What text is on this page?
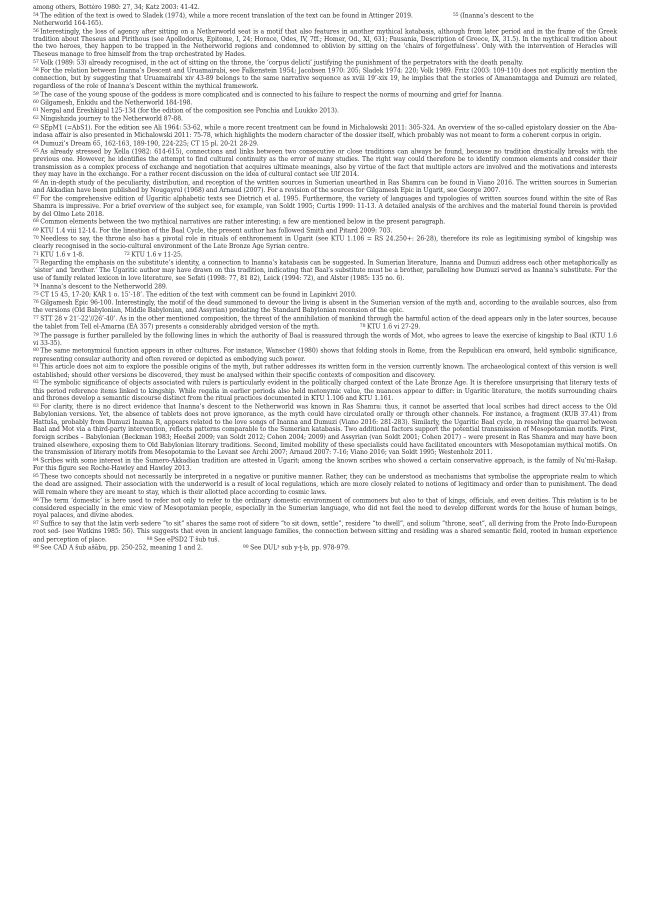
among others, Bottéro 1980: 27, 34; Katz 2003: 41-42.

$^{54}$ The edition of the text is owed to Sladek (1974), while a more recent translation of the text can be found in Attinger 2019.	$^{55}$ (Inanna’s descent to the

Netherworld 164-165).

$^{56}$ Interestingly, the loss of agency after sitting on a Netherworld seat is a motif that also features in another mythical katabasis, although from later period and in the frame of the Greek tradition about Theseus and Pirithous (see Apollodorus, Epitome, I, 24; Horace, Odes, IV, 7ff.; Homer, Od., XI, 631; Pausania, Description of Greece, IX, 31.5). In the mythical tradition about the two heroes, they happen to be trapped in the Netherworld regions and condemned to oblivion by sitting on the ‘chairs of forgetfulness’. Only with the intervention of Heracles will Theseus manage to free himself from the trap orchestrated by Hades.

$^{57}$ Volk (1989: 53) already recognised, in the act of sitting on the throne, the ‘corpus delicti’ justifying the punishment of the perpetrators with the death penalty.

$^{58}$ For the relation between Inanna’s Descent and Uruamairabi, see Falkenstein 1954; Jacobsen 1970: 205; Sladek 1974: 220; Volk 1989. Fritz (2003: 109-110) does not explicitly mention the connection, but by suggesting that Uruamairabi xiv 43-89 belongs to the same narrative sequence as xviii 19’-xix 19, he implies that the stories of Amanamtagga and Dumuzi are related, regardless of the role of Inanna’s Descent within the mythical framework.

$^{59}$ The case of the young spouse of the goddess is more complicated and is connected to his failure to respect the norms of mourning and grief for Inanna.

$^{60}$ Gilgamesh, Enkidu and the Netherworld 184-198.

$^{61}$ Nergal and Ereshkigal 125-134 (for the edition of the composition see Ponchia and Luukko 2013).

$^{62}$ Ningishzida journey to the Netherworld 87-88.

$^{63}$ SEpM1 (=AbS1). For the edition see Ali 1964: 53-62, while a more recent treatment can be found in Michalowski 2011: 305-324. An overview of the so-called epistolary dossier on the Aba-indasa affair is also presented in Michalowski 2011: 75-78, which highlights the modern character of the dossier itself, which probably was not meant to form a coherent corpus in origin.

$^{64}$ Dumuzi’s Dream 65, 162-163, 189-190, 224-225; CT 15 pl. 20-21 28-29.

$^{65}$ As already stressed by Xella (1982: 614-615), connections and links between two consecutive or close traditions can always be found, because no tradition drastically breaks with the previous one. However, he identifies the attempt to find cultural continuity as the error of many studies. The right way could therefore be to identify common elements and consider their transmission as a complex process of exchange and negotiation that acquires ultimate meanings, also by virtue of the fact that multiple actors are involved and the motivations and interests they may have in the exchange. For a rather recent discussion on the idea of cultural contact see Ulf 2014.

$^{66}$ An in-depth study of the peculiarity, distribution, and reception of the written sources in Sumerian unearthed in Ras Shamra can be found in Viano 2016. The written sources in Sumerian and Akkadian have been published by Nougayrol (1968) and Arnaud (2007). For a revision of the sources for Gilgamesh Epic in Ugarit, see George 2007.

$^{67}$ For the comprehensive edition of Ugaritic alphabetic texts see Dietrich et al. 1995. Furthermore, the variety of languages and typologies of written sources found within the site of Ras Shamra is impressive. For a brief overview of the subject see, for example, van Soldt 1995; Curtis 1999: 11-13. A detailed analysis of the archives and the material found therein is provided by del Olmo Lete 2018.

$^{68}$ Common elements between the two mythical narratives are rather interesting; a few are mentioned below in the present paragraph.

$^{69}$ KTU 1.4 viii 12-14. For the lineation of the Baal Cycle, the present author has followed Smith and Pitard 2009: 703.

$^{70}$ Needless to say, the throne also has a pivotal role in rituals of enthronement in Ugarit (see KTU 1.106 = RS 24.250+: 26-28), therefore its role as legitimising symbol of kingship was clearly recognised in the socio-cultural environment of the Late Bronze Age Syrian centre.

$^{71}$ KTU 1.6 v 1-8.	$^{72}$ KTU 1.6 v 11-25.

$^{73}$ Regarding the emphasis on the substitute’s identity, a connection to Inanna’s katabasis can be suggested. In Sumerian literature, Inanna and Dumuzi address each other metaphorically as ‘sister’ and ‘brother.’ The Ugaritic author may have drawn on this tradition, indicating that Baal’s substitute must be a brother, paralleling how Dumuzi served as Inanna’s substitute. For the use of family related lexicon in love literature, see Sefati (1998: 77, 81 82), Leick (1994: 72), and Alster (1985: 135 no. 6).

$^{74}$ Inanna’s descent to the Netherworld 289.

$^{75}$ CT 15 45, 17-20; KAR 1 o. 15’-18’. The edition of the text with comment can be found in Lapinkivi 2010.

$^{76}$ Gilgamesh Epic 96-100. Interestingly, the motif of the dead summoned to devour the living is absent in the Sumerian version of the myth and, according to the available sources, also from the versions (Old Babylonian, Middle Babylonian, and Assyrian) predating the Standard Babylonian recension of the epic.

$^{77}$ STT 28 v 21’-22’//26’-40’. As in the other mentioned composition, the threat of the annihilation of mankind through the harmful action of the dead appears only in the later sources, because the tablet from Tell el-Amarna (EA 357) presents a considerably abridged version of the myth.	$^{78}$ KTU 1.6 vi 27-29.

$^{79}$ The passage is further paralleled by the following lines in which the authority of Baal is reassured through the words of Mot, who agrees to leave the exercise of kingship to Baal (KTU 1.6 vi 33-35).

$^{80}$ The same metonymical function appears in other cultures. For instance, Wanscher (1980) shows that folding stools in Rome, from the Republican era onward, held symbolic significance, representing consular authority and often revered or depicted as embodying such power.

$^{81}$ This article does not aim to explore the possible origins of the myth, but rather addresses its written form in the version currently known. The archaeological context of this version is well established; should other versions be discovered, they must be analysed within their specific contexts of composition and discovery.

$^{82}$ The symbolic significance of objects associated with rulers is particularly evident in the politically charged context of the Late Bronze Age. It is therefore unsurprising that literary texts of this period reference items linked to kingship. While regalia in earlier periods also held metonymic value, the nuances appear to differ: in Ugaritic literature, the motifs surrounding chairs and thrones develop a semantic discourse distinct from the ritual practices documented in KTU 1.106 and KTU 1.161.

$^{83}$ For clarity, there is no direct evidence that Inanna’s descent to the Netherworld was known in Ras Shamra: thus, it cannot be asserted that local scribes had direct access to the Old Babylonian versions. Yet, the absence of tablets does not prove ignorance, as the myth could have circulated orally or through other channels. For instance, a fragment (KUB 37.41) from Hattuša, probably from Dumuzi Inanna R, appears related to the love songs of Inanna and Dumuzi (Viano 2016: 281-283). Similarly, the Ugaritic Baal cycle, in resolving the quarrel between Baal and Mot via a third-party intervention, reflects patterns comparable to the Sumerian katabasis. Two additional factors support the potential transmission of Mesopotamian motifs. First, foreign scribes – Babylonian (Beckman 1983; Heeßel 2009; van Soldt 2012; Cohen 2004; 2009) and Assyrian (van Soldt 2001; Cohen 2017) – were present in Ras Shamra and may have been trained elsewhere, exposing them to Old Babylonian literary traditions. Second, limited mobility of these specialists could have facilitated encounters with Mesopotamian mythical motifs. On the transmission of literary motifs from Mesopotamia to the Levant see Archi 2007; Arnaud 2007: 7-16; Viano 2016; van Soldt 1995; Westenholz 2011.

$^{84}$ Scribes with some interest in the Sumero-Akkadian tradition are attested in Ugarit; among the known scribes who showed a certain conservative approach, is the family of Nu’mi-Rašap. For this figure see Roche-Hawley and Hawley 2013.

$^{85}$ These two concepts should not necessarily be interpreted in a negative or punitive manner. Rather, they can be understood as mechanisms that symbolise the appropriate realm to which the dead are assigned. Their association with the underworld is a result of local regulations, which are more closely related to notions of legitimacy and order than to punishment. The dead will remain where they are meant to stay, which is their allotted place according to cosmic laws.

$^{86}$ The term ‘domestic’ is here used to refer not only to refer to the ordinary domestic environment of commoners but also to that of kings, officials, and even deities. This relation is to be considered especially in the emic view of Mesopotamian people, especially in the Sumerian language, who did not feel the need to develop different words for the house of human beings, royal palaces, and divine abodes.

$^{87}$ Suffice to say that the latin verb sedere “to sit” shares the same root of sidere “to sit down, settle”, residere “to dwell”, and solium “throne, seat”, all deriving from the Proto Indo-European root sed- (see Watkins 1985: 56). This suggests that even in ancient language families, the connection between sitting and residing was a shared semantic field, rooted in human experience and perception of place.	$^{88}$ See ePSD2 T šub tuš.

$^{89}$ See CAD A šub ašābu, pp. 250-252, meaning 1 and 2.	$^{90}$ See DUL³ sub y-ṯ-b, pp. 978-979.
